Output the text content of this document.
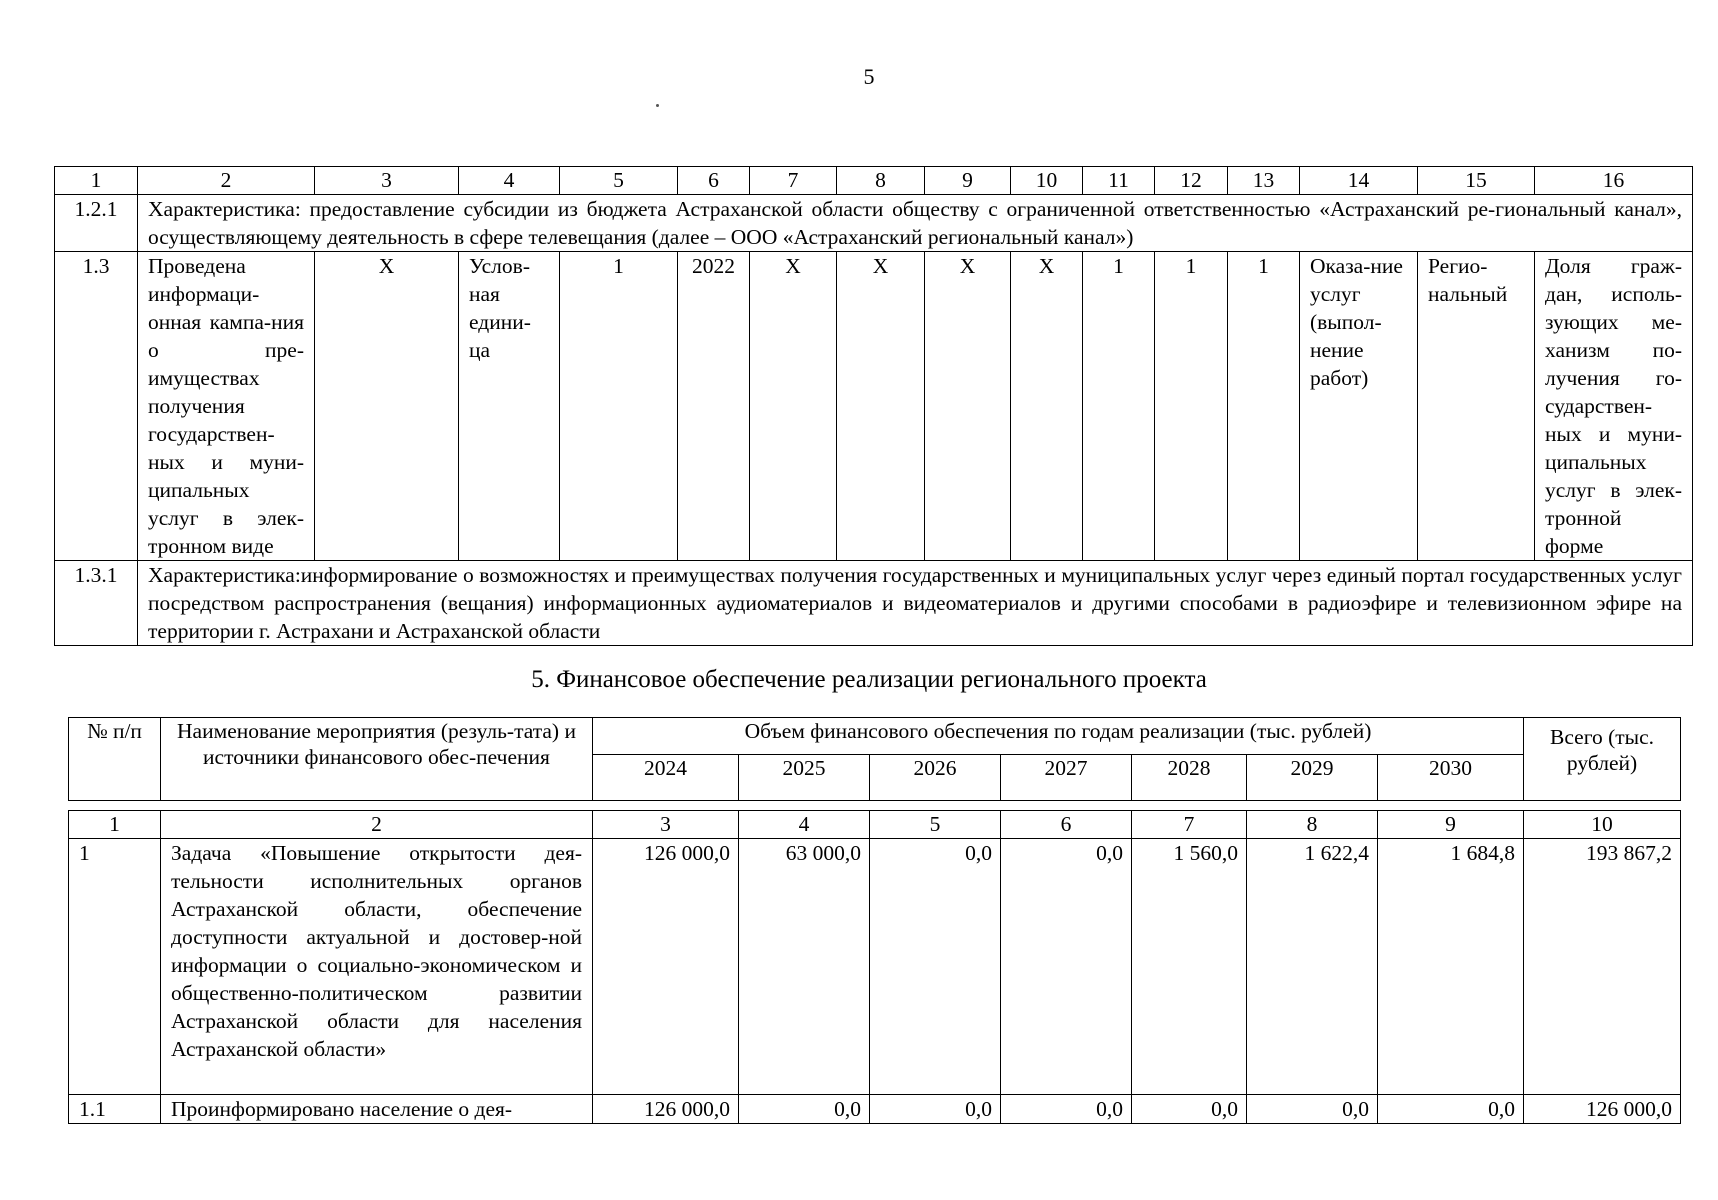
5
1	2	3	4	5	6	7	8	9	10	11	12	13	14	15	16
1.2.1	Характеристика: предоставление субсидии из бюджета Астраханской области обществу с ограниченной ответственностью «Астраханский ре-гиональный канал», осуществляющему деятельность в сфере телевещания (далее – ООО «Астраханский региональный канал»)														
1.3	Проведена информаци-онная кампа-ния о пре-имуществах получения государствен-ных и муни-ципальных услуг в элек-тронном виде	X	Услов-ная едини-ца	1	2022	X	X	X	X	1	1	1	Оказа-ние услуг (выпол-нение работ)	Регио-нальный	Доля граж-дан, исполь-зующих ме-ханизм по-лучения го-сударствен-ных и муни-ципальных услуг в элек-тронной форме
1.3.1	Характеристика:информирование о возможностях и преимуществах получения государственных и муниципальных услуг через единый портал государственных услуг посредством распространения (вещания) информационных аудиоматериалов и видеоматериалов и другими способами в радиоэфире и телевизионном эфире на территории г. Астрахани и Астраханской области														
5. Финансовое обеспечение реализации регионального проекта
№ п/п	Наименование мероприятия (резуль-тата) и источники финансового обес-печения	Объем финансового обеспечения по годам реализации (тыс. рублей)							Всего (тыс. рублей)
		2024	2025	2026	2027	2028	2029	2030	
1	2	3	4	5	6	7	8	9	10
1	Задача «Повышение открытости дея-тельности исполнительных органов Астраханской области, обеспечение доступности актуальной и достовер-ной информации о социально-экономическом и общественно-политическом развитии Астраханской области для населения Астраханской области»	126 000,0	63 000,0	0,0	0,0	1 560,0	1 622,4	1 684,8	193 867,2
1.1	Проинформировано население о дея-	126 000,0	0,0	0,0	0,0	0,0	0,0	0,0	126 000,0
